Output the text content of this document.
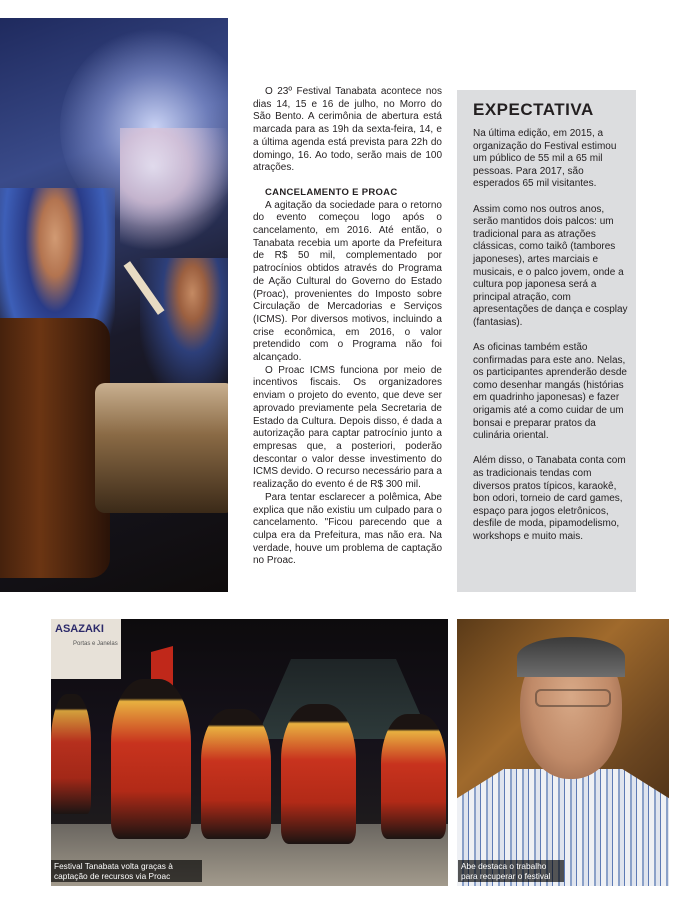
O 23º Festival Tanabata acontece nos dias 14, 15 e 16 de julho, no Morro do São Bento. A cerimônia de abertura está marcada para as 19h da sexta-feira, 14, e a última agenda está prevista para 22h do domingo, 16. Ao todo, serão mais de 100 atrações.

CANCELAMENTO E PROAC

A agitação da sociedade para o retorno do evento começou logo após o cancelamento, em 2016. Até então, o Tanabata recebia um aporte da Prefeitura de R$ 50 mil, complementado por patrocínios obtidos através do Programa de Ação Cultural do Governo do Estado (Proac), provenientes do Imposto sobre Circulação de Mercadorias e Serviços (ICMS). Por diversos motivos, incluindo a crise econômica, em 2016, o valor pretendido com o Programa não foi alcançado.

O Proac ICMS funciona por meio de incentivos fiscais. Os organizadores enviam o projeto do evento, que deve ser aprovado previamente pela Secretaria de Estado da Cultura. Depois disso, é dada a autorização para captar patrocínio junto a empresas que, a posteriori, poderão descontar o valor desse investimento do ICMS devido. O recurso necessário para a realização do evento é de R$ 300 mil.

Para tentar esclarecer a polêmica, Abe explica que não existiu um culpado para o cancelamento. "Ficou parecendo que a culpa era da Prefeitura, mas não era. Na verdade, houve um problema de captação no Proac.

EXPECTATIVA

Na última edição, em 2015, a organização do Festival estimou um público de 55 mil a 65 mil pessoas. Para 2017, são esperados 65 mil visitantes.

Assim como nos outros anos, serão mantidos dois palcos: um tradicional para as atrações clássicas, como taikô (tambores japoneses), artes marciais e musicais, e o palco jovem, onde a cultura pop japonesa será a principal atração, com apresentações de dança e cosplay (fantasias).

As oficinas também estão confirmadas para este ano. Nelas, os participantes aprenderão desde como desenhar mangás (histórias em quadrinho japonesas) e fazer origamis até a como cuidar de um bonsai e preparar pratos da culinária oriental.

Além disso, o Tanabata conta com as tradicionais tendas com diversos pratos típicos, karaokê, bon odori, torneio de card games, espaço para jogos eletrônicos, desfile de moda, pipamodelismo, workshops e muito mais.

ASAZAKI
Portas e Janelas
Festival Tanabata volta graças à captação de recursos via Proac
Abe destaca o trabalho para recuperar o festival
